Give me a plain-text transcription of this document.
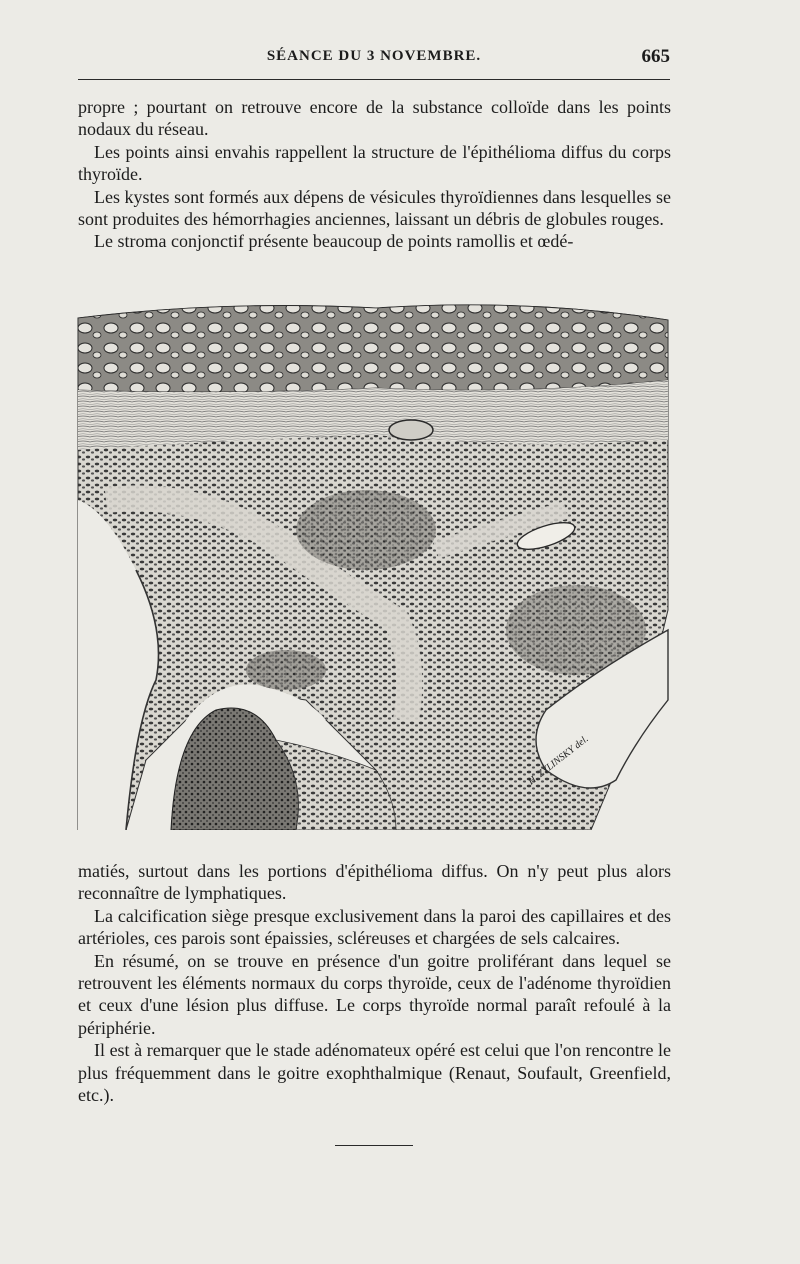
SÉANCE DU 3 NOVEMBRE.	665

propre ; pourtant on retrouve encore de la substance colloïde dans les points nodaux du réseau.

Les points ainsi envahis rappellent la structure de l'épithélioma diffus du corps thyroïde.

Les kystes sont formés aux dépens de vésicules thyroïdiennes dans lesquelles se sont produites des hémorrhagies anciennes, laissant un débris de globules rouges.

Le stroma conjonctif présente beaucoup de points ramollis et œdé-

H. ZYLINSKY del.

matiés, surtout dans les portions d'épithélioma diffus. On n'y peut plus alors reconnaître de lymphatiques.

La calcification siège presque exclusivement dans la paroi des capillaires et des artérioles, ces parois sont épaissies, scléreuses et chargées de sels calcaires.

En résumé, on se trouve en présence d'un goitre proliférant dans lequel se retrouvent les éléments normaux du corps thyroïde, ceux de l'adénome thyroïdien et ceux d'une lésion plus diffuse. Le corps thyroïde normal paraît refoulé à la périphérie.

Il est à remarquer que le stade adénomateux opéré est celui que l'on rencontre le plus fréquemment dans le goitre exophthalmique (Renaut, Soufault, Greenfield, etc.).
